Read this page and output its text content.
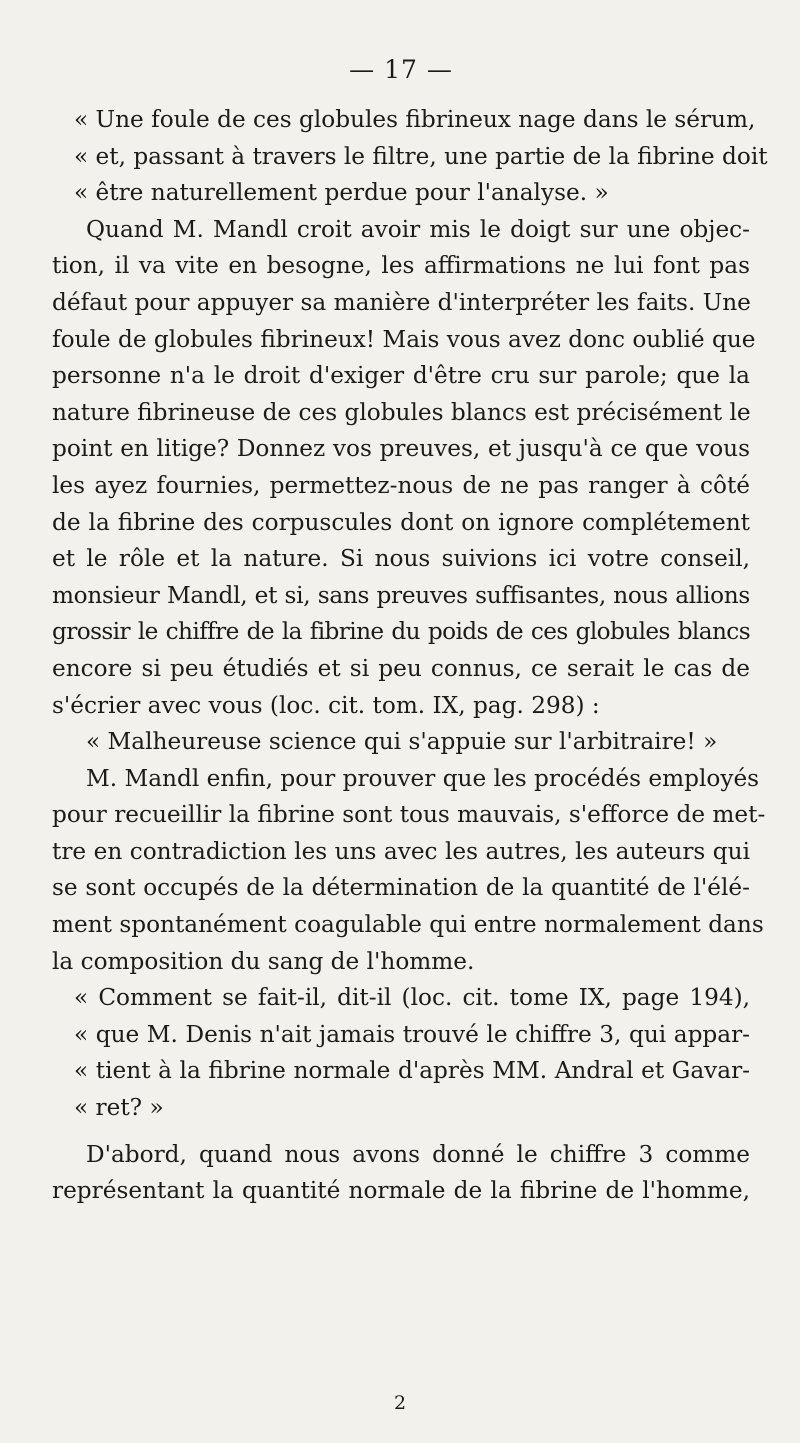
— 17 —
« Une foule de ces globules fibrineux nage dans le sérum,
« et, passant à travers le filtre, une partie de la fibrine doit
« être naturellement perdue pour l'analyse. »
Quand M. Mandl croit avoir mis le doigt sur une objec-
tion, il va vite en besogne, les affirmations ne lui font pas
défaut pour appuyer sa manière d'interpréter les faits. Une
foule de globules fibrineux! Mais vous avez donc oublié que
personne n'a le droit d'exiger d'être cru sur parole; que la
nature fibrineuse de ces globules blancs est précisément le
point en litige? Donnez vos preuves, et jusqu'à ce que vous
les ayez fournies, permettez-nous de ne pas ranger à côté
de la fibrine des corpuscules dont on ignore complétement
et le rôle et la nature. Si nous suivions ici votre conseil,
monsieur Mandl, et si, sans preuves suffisantes, nous allions
grossir le chiffre de la fibrine du poids de ces globules blancs
encore si peu étudiés et si peu connus, ce serait le cas de
s'écrier avec vous (loc. cit. tom. IX, pag. 298) :
« Malheureuse science qui s'appuie sur l'arbitraire! »
M. Mandl enfin, pour prouver que les procédés employés
pour recueillir la fibrine sont tous mauvais, s'efforce de met-
tre en contradiction les uns avec les autres, les auteurs qui
se sont occupés de la détermination de la quantité de l'élé-
ment spontanément coagulable qui entre normalement dans
la composition du sang de l'homme.
« Comment se fait-il, dit-il (loc. cit. tome IX, page 194),
« que M. Denis n'ait jamais trouvé le chiffre 3, qui appar-
« tient à la fibrine normale d'après MM. Andral et Gavar-
« ret? »
D'abord, quand nous avons donné le chiffre 3 comme
représentant la quantité normale de la fibrine de l'homme,
2
